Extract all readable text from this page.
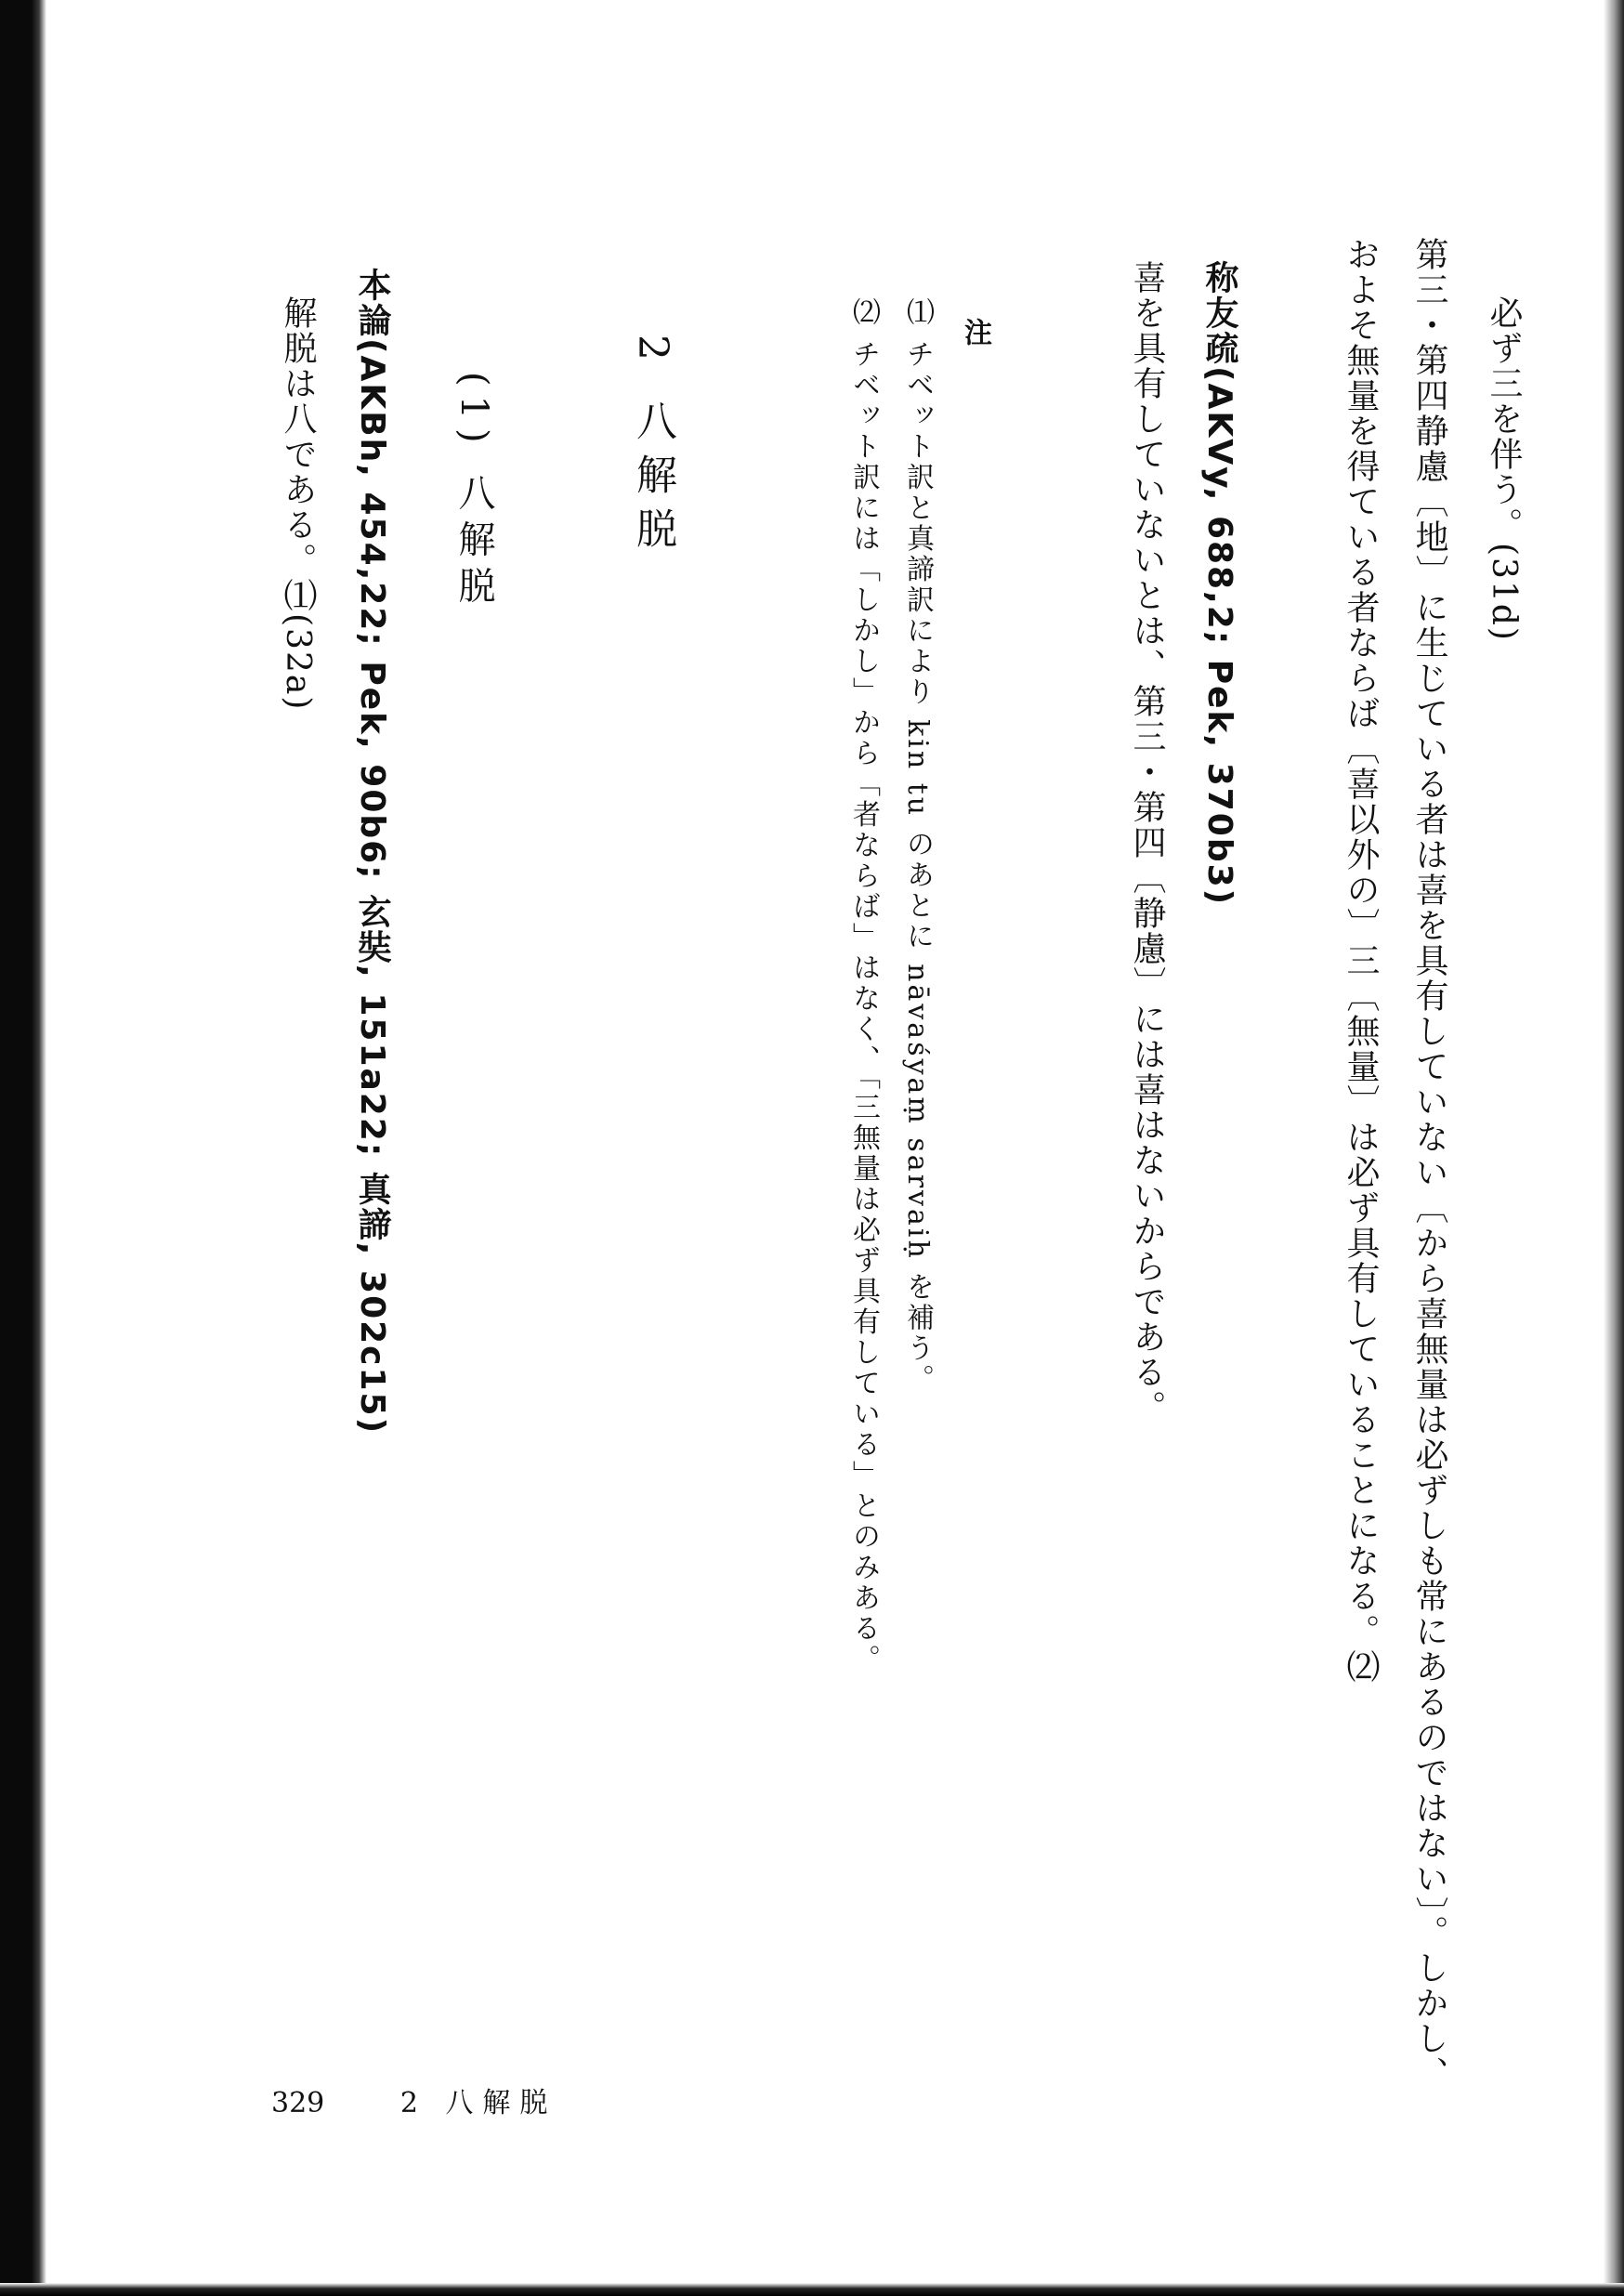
必ず三を伴う。(31d)
第三・第四静慮〔地〕に生じている者は喜を具有していない〔から喜無量は必ずしも常にあるのではない〕。しかし、
およそ無量を得ている者ならば〔喜以外の〕三〔無量〕は必ず具有していることになる。⑵
称友疏(AKVy, 688,2; Pek, 370b3)
喜を具有していないとは、第三・第四〔静慮〕には喜はないからである。
注
⑴ チベット訳と真諦訳により kin tu のあとに nāvaśyaṃ sarvaiḥ を補う。
⑵ チベット訳には「しかし」から「者ならば」はなく、「三無量は必ず具有している」とのみある。
2 八解脱
(1) 八解脱
本論(AKBh, 454,22; Pek, 90b6; 玄奘, 151a22; 真諦, 302c15)
解脱は八である。⑴(32a)
329	2 八解脱
